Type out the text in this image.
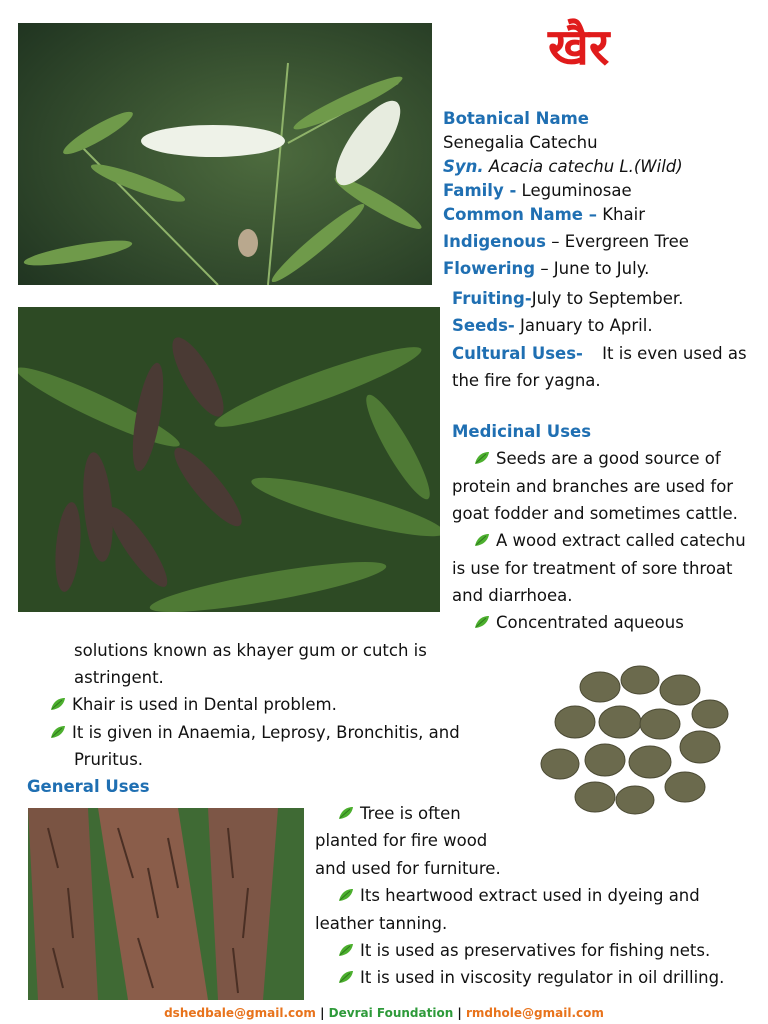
खैर
Botanical Name
Senegalia Catechu
Syn. Acacia catechu L.(Wild)
Family - Leguminosae
Common Name – Khair
Indigenous – Evergreen Tree
Flowering – June to July.
Fruiting-July to September.
Seeds- January to April.
Cultural Uses- It is even used as
the fire for yagna.
Medicinal Uses
Seeds are a good source of
protein and branches are used for
goat fodder and sometimes cattle.
A wood extract called catechu
is use for treatment of sore throat
and diarrhoea.
Concentrated aqueous
solutions known as khayer gum or cutch is
astringent.
Khair is used in Dental problem.
It is given in Anaemia, Leprosy, Bronchitis, and
Pruritus.
General Uses
Tree is often
planted for fire wood
and used for furniture.
Its heartwood extract used in dyeing and
leather tanning.
It is used as preservatives for fishing nets.
It is used in viscosity regulator in oil drilling.
dshedbale@gmail.com | Devrai Foundation | rmdhole@gmail.com
